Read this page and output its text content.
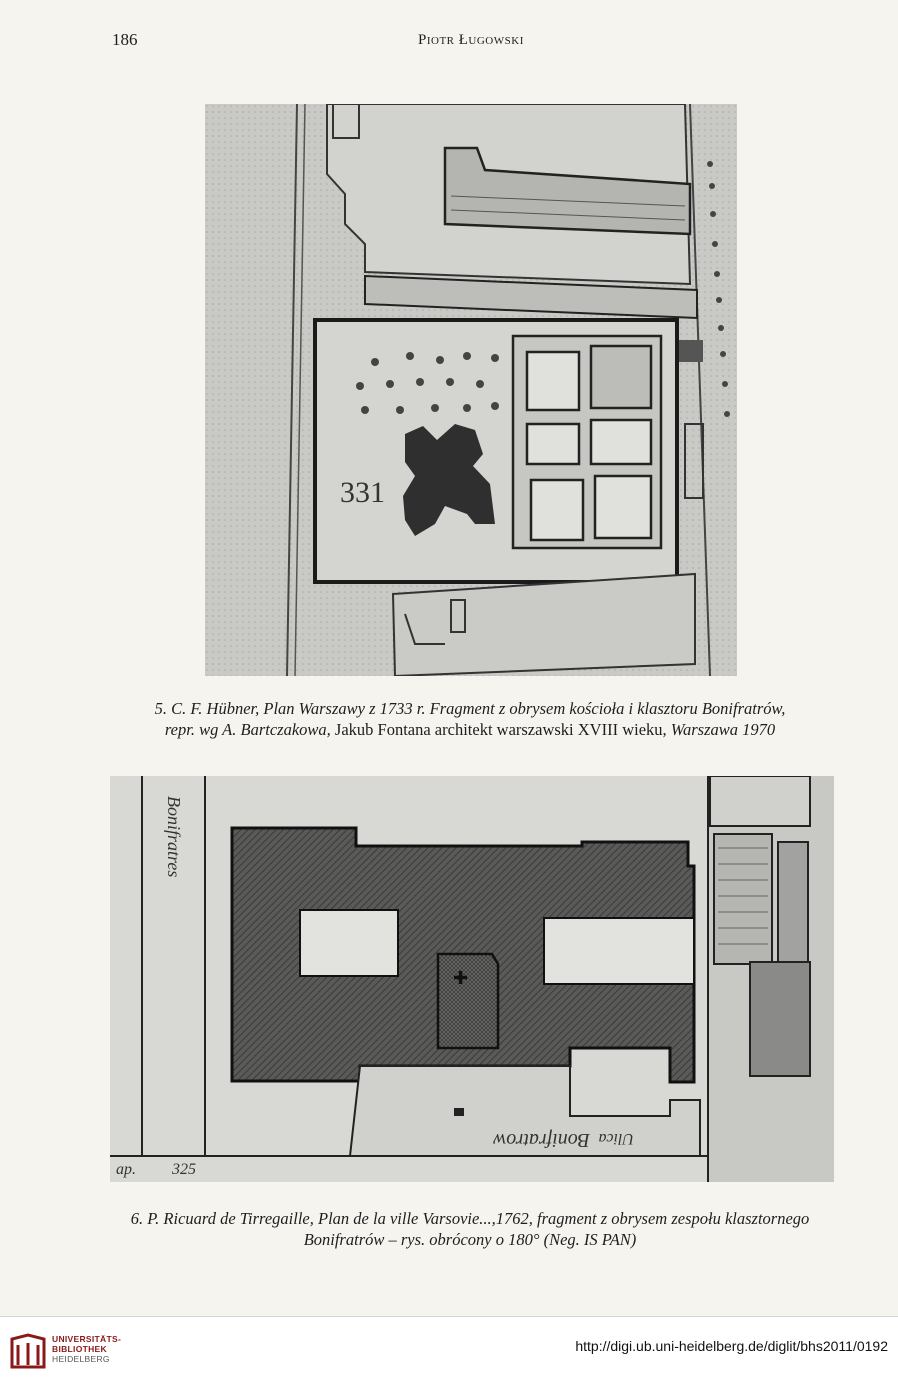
186	Piotr Ługowski
331
5. C. F. Hübner, Plan Warszawy z 1733 r. Fragment z obrysem kościoła i klasztoru Bonifratrów, repr. wg A. Bartczakowa, Jakub Fontana architekt warszawski XVIII wieku, Warszawa 1970
Bonifratres
ap. 325
✚
Bonifratrow Ulica
6. P. Ricuard de Tirregaille, Plan de la ville Varsovie...,1762, fragment z obrysem zespołu klasztornego Bonifratrów – rys. obrócony o 180° (Neg. IS PAN)
UNIVERSITÄTS-
BIBLIOTHEK
HEIDELBERG
http://digi.ub.uni-heidelberg.de/diglit/bhs2011/0192
